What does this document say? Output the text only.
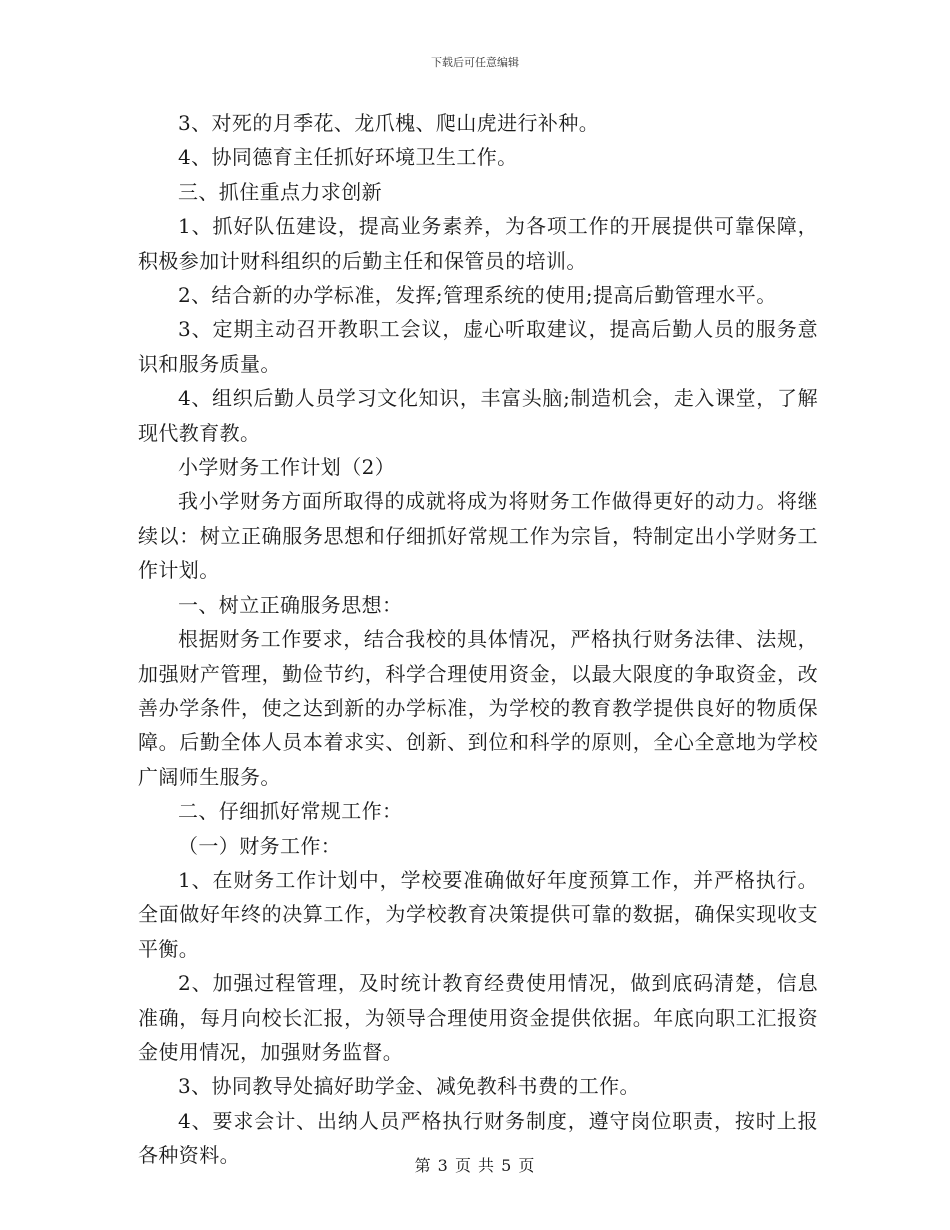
下载后可任意编辑

3、对死的月季花、龙爪槐、爬山虎进行补种。

4、协同德育主任抓好环境卫生工作。

三、抓住重点力求创新

1、抓好队伍建设，提高业务素养，为各项工作的开展提供可靠保障，积极参加计财科组织的后勤主任和保管员的培训。

2、结合新的办学标准，发挥;管理系统的使用;提高后勤管理水平。

3、定期主动召开教职工会议，虚心听取建议，提高后勤人员的服务意识和服务质量。

4、组织后勤人员学习文化知识，丰富头脑;制造机会，走入课堂，了解现代教育教。

小学财务工作计划（2）

我小学财务方面所取得的成就将成为将财务工作做得更好的动力。将继续以：树立正确服务思想和仔细抓好常规工作为宗旨，特制定出小学财务工作计划。

一、树立正确服务思想：

根据财务工作要求，结合我校的具体情况，严格执行财务法律、法规，加强财产管理，勤俭节约，科学合理使用资金，以最大限度的争取资金，改善办学条件，使之达到新的办学标准，为学校的教育教学提供良好的物质保障。后勤全体人员本着求实、创新、到位和科学的原则，全心全意地为学校广阔师生服务。

二、仔细抓好常规工作：

（一）财务工作：

1、在财务工作计划中，学校要准确做好年度预算工作，并严格执行。全面做好年终的决算工作，为学校教育决策提供可靠的数据，确保实现收支平衡。

2、加强过程管理，及时统计教育经费使用情况，做到底码清楚，信息准确，每月向校长汇报，为领导合理使用资金提供依据。年底向职工汇报资金使用情况，加强财务监督。

3、协同教导处搞好助学金、减免教科书费的工作。

4、要求会计、出纳人员严格执行财务制度，遵守岗位职责，按时上报各种资料。	第 3 页 共 5 页
